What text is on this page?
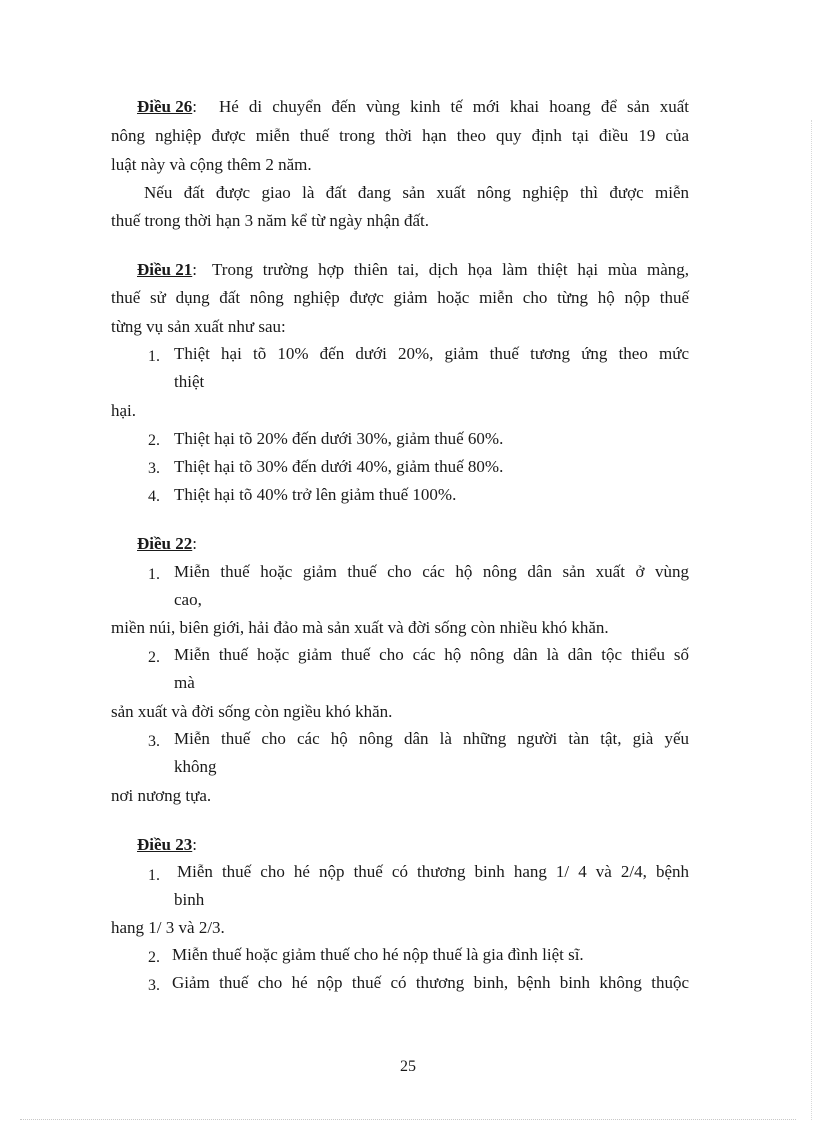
Điều 26: Hé di chuyển đến vùng kinh tế mới khai hoang để sản xuất
nông nghiệp được miễn thuế trong thời hạn theo quy định tại điều 19 của
luật này và cộng thêm 2 năm.
Nếu đất được giao là đất đang sản xuất nông nghiệp thì được miễn
thuế trong thời hạn 3 năm kể từ ngày nhận đất.
Điều 21: Trong trường hợp thiên tai, dịch họa làm thiệt hại mùa màng,
thuế sử dụng đất nông nghiệp được giảm hoặc miễn cho từng hộ nộp thuế
từng vụ sản xuất như sau:
1. Thiệt hại tõ 10% đến dưới 20%, giảm thuế tương ứng theo mức
thiệt
hại.
2. Thiệt hại tõ 20% đến dưới 30%, giảm thuế 60%.
3. Thiệt hại tõ 30% đến dưới 40%, giảm thuế 80%.
4. Thiệt hại tõ 40% trở lên giảm thuế 100%.
Điều 22:
1. Miễn thuế hoặc giảm thuế cho các hộ nông dân sản xuất ở vùng
cao,
miền núi, biên giới, hải đảo mà sản xuất và đời sống còn nhiều khó khăn.
2. Miễn thuế hoặc giảm thuế cho các hộ nông dân là dân tộc thiểu số
mà
sản xuất và đời sống còn ngiều khó khăn.
3. Miễn thuế cho các hộ nông dân là những người tàn tật, già yếu
không
nơi nương tựa.
Điều 23:
1. Miễn thuế cho hé nộp thuế có thương binh hang 1/ 4 và 2/4, bệnh
binh
hang 1/ 3 và 2/3.
2. Miễn thuế hoặc giảm thuế cho hé nộp thuế là gia đình liệt sĩ.
3. Giảm thuế cho hé nộp thuế có thương binh, bệnh binh không thuộc
25
